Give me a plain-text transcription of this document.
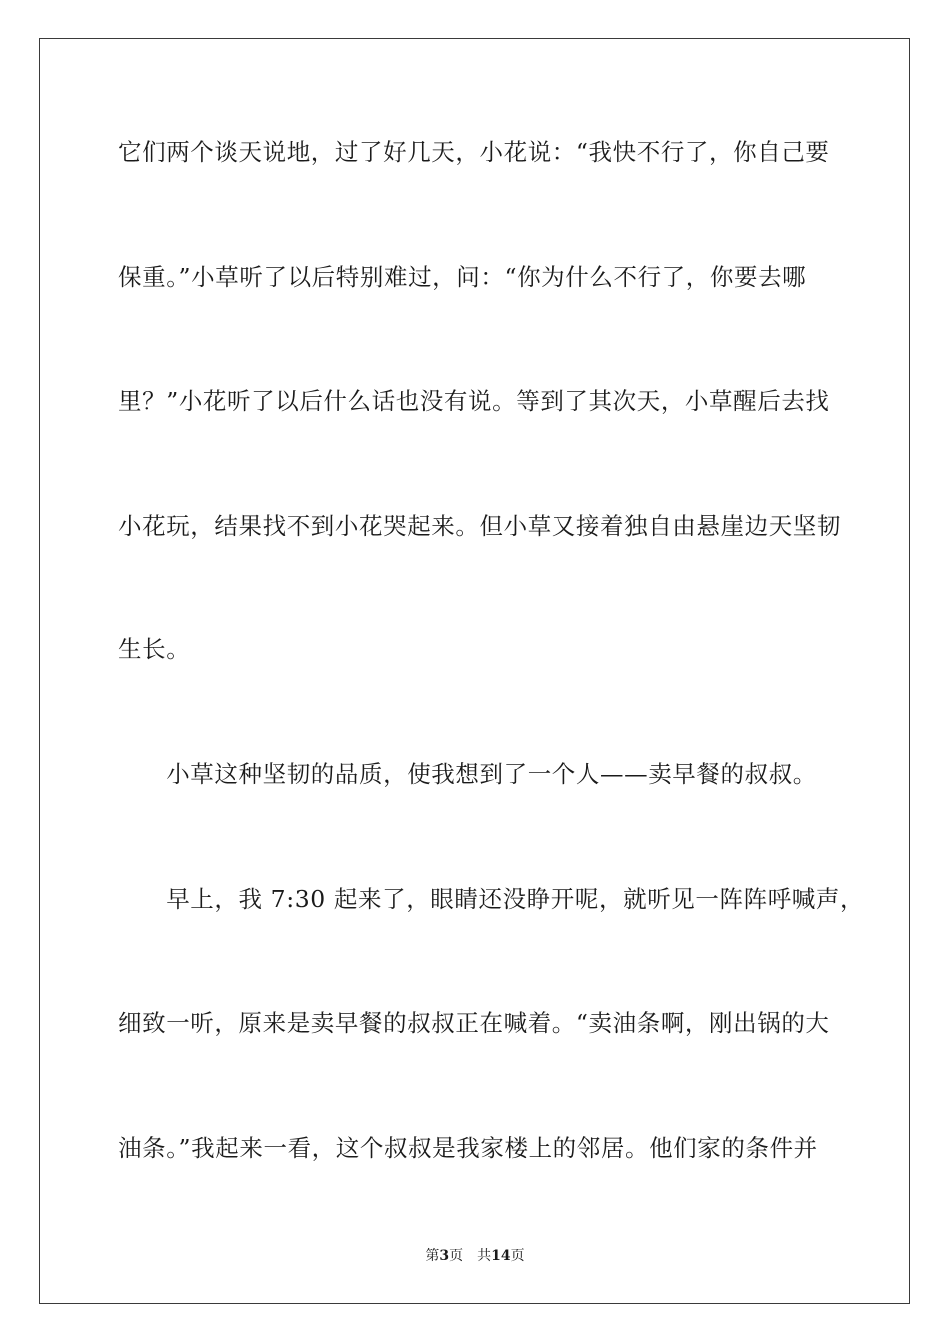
它们两个谈天说地，过了好几天，小花说：“我快不行了，你自己要
保重。”小草听了以后特别难过，问：“你为什么不行了，你要去哪
里？”小花听了以后什么话也没有说。等到了其次天，小草醒后去找
小花玩，结果找不到小花哭起来。但小草又接着独自由悬崖边天坚韧
生长。
　　小草这种坚韧的品质，使我想到了一个人——卖早餐的叔叔。
　　早上，我 7:30 起来了，眼睛还没睁开呢，就听见一阵阵呼喊声，
细致一听，原来是卖早餐的叔叔正在喊着。“卖油条啊，刚出锅的大
油条。”我起来一看，这个叔叔是我家楼上的邻居。他们家的条件并
第3页 共14页
